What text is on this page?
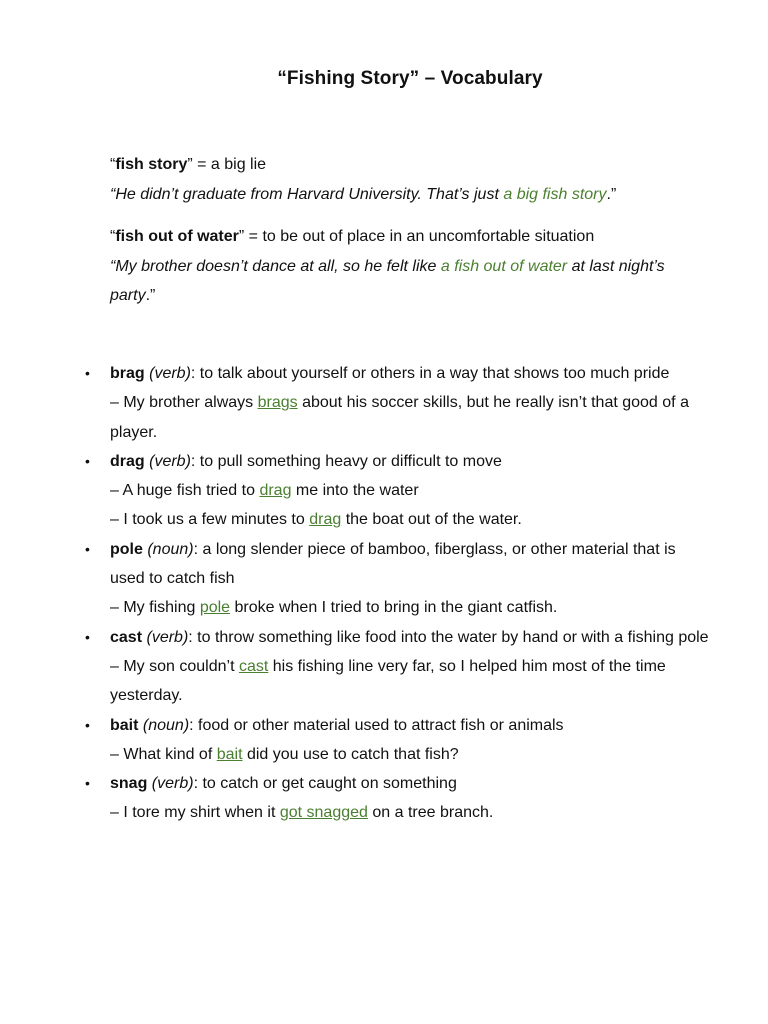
“Fishing Story” – Vocabulary
“fish story” = a big lie
“He didn’t graduate from Harvard University. That’s just a big fish story.”
“fish out of water” = to be out of place in an uncomfortable situation
“My brother doesn’t dance at all, so he felt like a fish out of water at last night’s party.”
• brag (verb): to talk about yourself or others in a way that shows too much pride
– My brother always brags about his soccer skills, but he really isn’t that good of a player.
• drag (verb): to pull something heavy or difficult to move
– A huge fish tried to drag me into the water
– I took us a few minutes to drag the boat out of the water.
• pole (noun): a long slender piece of bamboo, fiberglass, or other material that is used to catch fish
– My fishing pole broke when I tried to bring in the giant catfish.
• cast (verb): to throw something like food into the water by hand or with a fishing pole
– My son couldn’t cast his fishing line very far, so I helped him most of the time yesterday.
• bait (noun): food or other material used to attract fish or animals
– What kind of bait did you use to catch that fish?
• snag (verb): to catch or get caught on something
– I tore my shirt when it got snagged on a tree branch.
